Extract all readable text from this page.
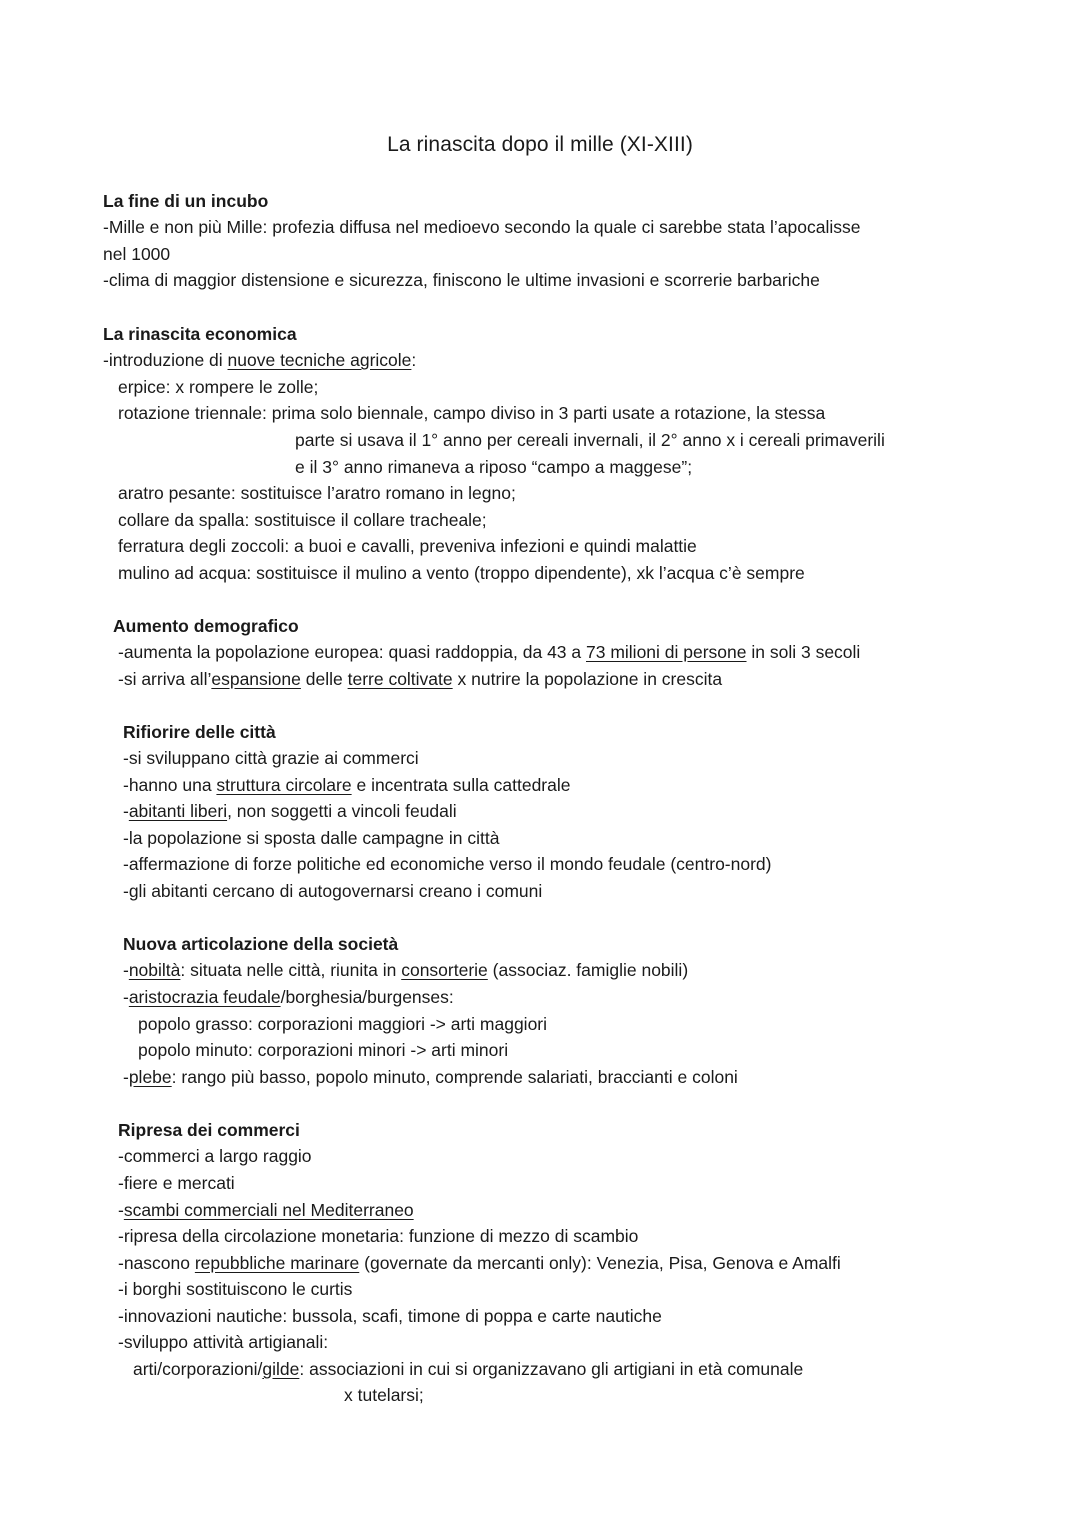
La rinascita dopo il mille (XI-XIII)
La fine di un incubo
-Mille e non più Mille: profezia diffusa nel medioevo secondo la quale ci sarebbe stata l’apocalisse
nel 1000
-clima di maggior distensione e sicurezza, finiscono le ultime invasioni e scorrerie barbariche
La rinascita economica
-introduzione di nuove tecniche agricole:
erpice: x rompere le zolle;
rotazione triennale: prima solo biennale, campo diviso in 3 parti usate a rotazione, la stessa
parte si usava il 1° anno per cereali invernali, il 2° anno x i cereali primaverili
e il 3° anno rimaneva a riposo “campo a maggese”;
aratro pesante: sostituisce l’aratro romano in legno;
collare da spalla: sostituisce il collare tracheale;
ferratura degli zoccoli: a buoi e cavalli, preveniva infezioni e quindi malattie
mulino ad acqua: sostituisce il mulino a vento (troppo dipendente), xk l’acqua c’è sempre
Aumento demografico
-aumenta la popolazione europea: quasi raddoppia, da 43 a 73 milioni di persone in soli 3 secoli
-si arriva all’espansione delle terre coltivate x nutrire la popolazione in crescita
Rifiorire delle città
-si sviluppano città grazie ai commerci
-hanno una struttura circolare e incentrata sulla cattedrale
-abitanti liberi, non soggetti a vincoli feudali
-la popolazione si sposta dalle campagne in città
-affermazione di forze politiche ed economiche verso il mondo feudale (centro-nord)
-gli abitanti cercano di autogovernarsi creano i comuni
Nuova articolazione della società
-nobiltà: situata nelle città, riunita in consorterie (associaz. famiglie nobili)
-aristocrazia feudale/borghesia/burgenses:
popolo grasso: corporazioni maggiori -> arti maggiori
popolo minuto: corporazioni minori -> arti minori
-plebe: rango più basso, popolo minuto, comprende salariati, braccianti e coloni
Ripresa dei commerci
-commerci a largo raggio
-fiere e mercati
-scambi commerciali nel Mediterraneo
-ripresa della circolazione monetaria: funzione di mezzo di scambio
-nascono repubbliche marinare (governate da mercanti only): Venezia, Pisa, Genova e Amalfi
-i borghi sostituiscono le curtis
-innovazioni nautiche: bussola, scafi, timone di poppa e carte nautiche
-sviluppo attività artigianali:
arti/corporazioni/gilde: associazioni in cui si organizzavano gli artigiani in età comunale
x tutelarsi;
